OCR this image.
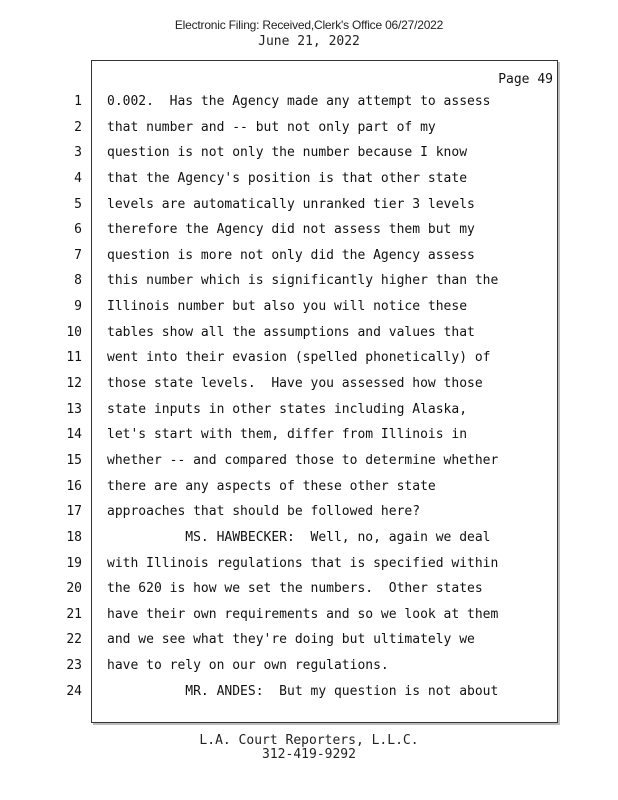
Electronic Filing: Received,Clerk's Office 06/27/2022
June 21, 2022
Page 49
1
2
3
4
5
6
7
8
9
10
11
12
13
14
15
16
17
18
19
20
21
22
23
24
0.002.  Has the Agency made any attempt to assess
that number and -- but not only part of my
question is not only the number because I know
that the Agency's position is that other state
levels are automatically unranked tier 3 levels
therefore the Agency did not assess them but my
question is more not only did the Agency assess
this number which is significantly higher than the
Illinois number but also you will notice these
tables show all the assumptions and values that
went into their evasion (spelled phonetically) of
those state levels.  Have you assessed how those
state inputs in other states including Alaska,
let's start with them, differ from Illinois in
whether -- and compared those to determine whether
there are any aspects of these other state
approaches that should be followed here?
MS. HAWBECKER:  Well, no, again we deal
with Illinois regulations that is specified within
the 620 is how we set the numbers.  Other states
have their own requirements and so we look at them
and we see what they're doing but ultimately we
have to rely on our own regulations.
MR. ANDES:  But my question is not about
L.A. Court Reporters, L.L.C.
312-419-9292
